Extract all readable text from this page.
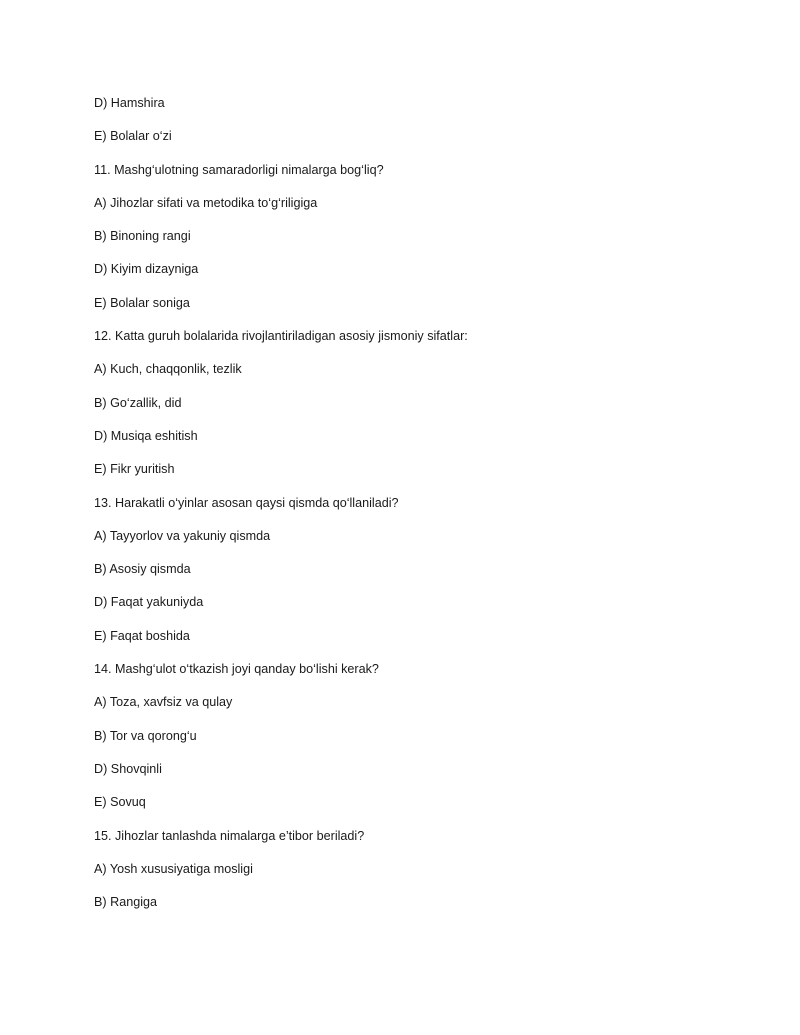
D) Hamshira
E) Bolalar o‘zi
11. Mashg‘ulotning samaradorligi nimalarga bog‘liq?
A) Jihozlar sifati va metodika to‘g‘riligiga
B) Binoning rangi
D) Kiyim dizayniga
E) Bolalar soniga
12. Katta guruh bolalarida rivojlantiriladigan asosiy jismoniy sifatlar:
A) Kuch, chaqqonlik, tezlik
B) Go‘zallik, did
D) Musiqa eshitish
E) Fikr yuritish
13. Harakatli o‘yinlar asosan qaysi qismda qo‘llaniladi?
A) Tayyorlov va yakuniy qismda
B) Asosiy qismda
D) Faqat yakuniyda
E) Faqat boshida
14. Mashg‘ulot o‘tkazish joyi qanday bo‘lishi kerak?
A) Toza, xavfsiz va qulay
B) Tor va qorong‘u
D) Shovqinli
E) Sovuq
15. Jihozlar tanlashda nimalarga e’tibor beriladi?
A) Yosh xususiyatiga mosligi
B) Rangiga
